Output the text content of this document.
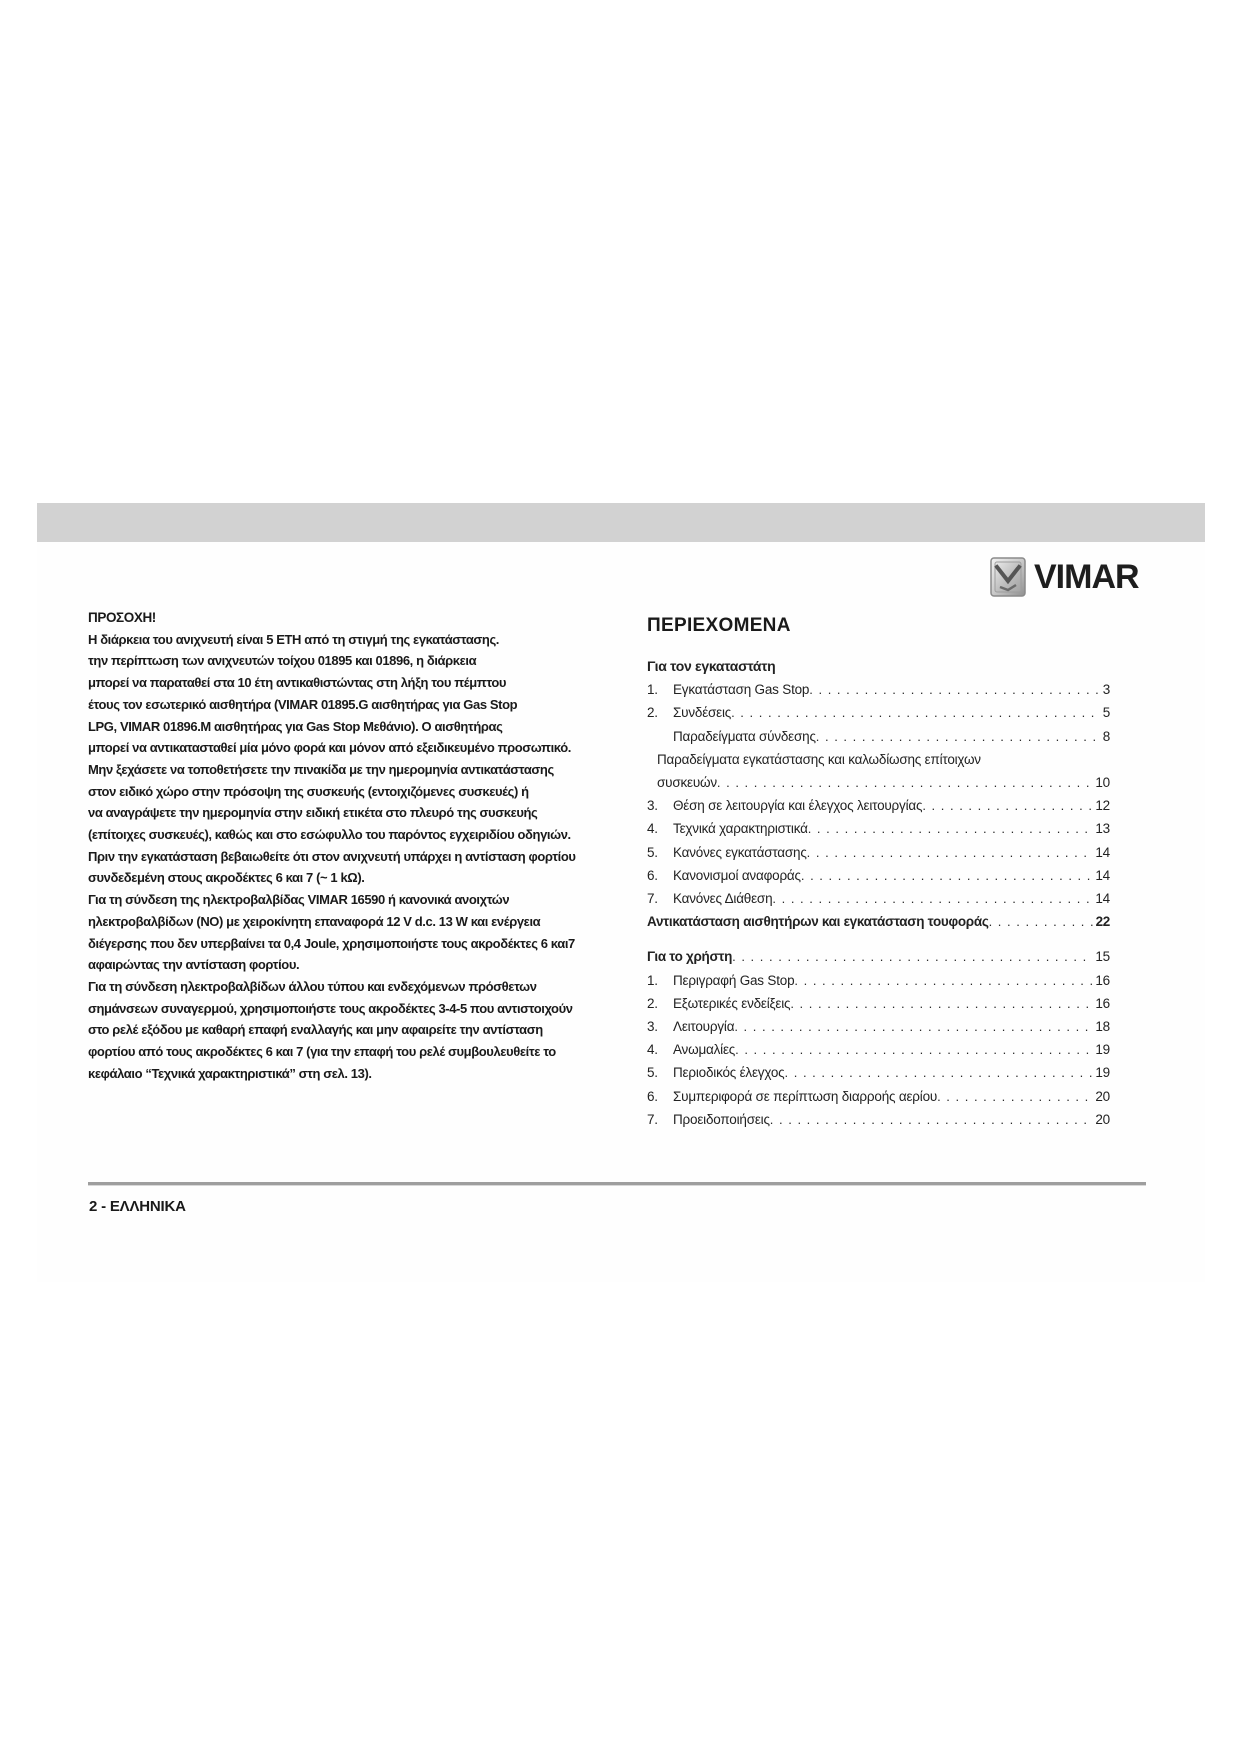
VIMAR
ΠΡΟΣΟΧΗ!
Η διάρκεια του ανιχνευτή είναι 5 ΕΤΗ από τη στιγμή της εγκατάστασης.
την περίπτωση των ανιχνευτών τοίχου 01895 και 01896, η διάρκεια
μπορεί να παραταθεί στα 10 έτη αντικαθιστώντας στη λήξη του πέμπτου
έτους τον εσωτερικό αισθητήρα (VIMAR 01895.G αισθητήρας για Gas Stop
LPG, VIMAR 01896.M αισθητήρας για Gas Stop Μεθάνιο). Ο αισθητήρας
μπορεί να αντικατασταθεί μία μόνο φορά και μόνον από εξειδικευμένο προσωπικό.
Μην ξεχάσετε να τοποθετήσετε την πινακίδα με την ημερομηνία αντικατάστασης
στον ειδικό χώρο στην πρόσοψη της συσκευής (εντοιχιζόμενες συσκευές) ή
να αναγράψετε την ημερομηνία στην ειδική ετικέτα στο πλευρό της συσκευής
(επίτοιχες συσκευές), καθώς και στο εσώφυλλο του παρόντος εγχειριδίου οδηγιών.
Πριν την εγκατάσταση βεβαιωθείτε ότι στον ανιχνευτή υπάρχει η αντίσταση φορτίου
συνδεδεμένη στους ακροδέκτες 6 και 7 (~ 1 kΩ).
Για τη σύνδεση της ηλεκτροβαλβίδας VIMAR 16590 ή κανονικά ανοιχτών
ηλεκτροβαλβίδων (ΝΟ) με χειροκίνητη επαναφορά 12 V d.c. 13 W και ενέργεια
διέγερσης που δεν υπερβαίνει τα 0,4 Joule, χρησιμοποιήστε τους ακροδέκτες 6 και7
αφαιρώντας την αντίσταση φορτίου.
Για τη σύνδεση ηλεκτροβαλβίδων άλλου τύπου και ενδεχόμενων πρόσθετων
σημάνσεων συναγερμού, χρησιμοποιήστε τους ακροδέκτες 3-4-5 που αντιστοιχούν
στο ρελέ εξόδου με καθαρή επαφή εναλλαγής και μην αφαιρείτε την αντίσταση
φορτίου από τους ακροδέκτες 6 και 7 (για την επαφή του ρελέ συμβουλευθείτε το
κεφάλαιο “Τεχνικά χαρακτηριστικά” στη σελ. 13).
ΠΕΡΙΕΧΟΜΕΝΑ
Για τον εγκαταστάτη
1.	Εγκατάσταση Gas Stop . . .	3
2.	Συνδέσεις . . .	5
Παραδείγματα σύνδεσης . . .	8
Παραδείγματα εγκατάστασης και καλωδίωσης επίτοιχων
συσκευών . . .	10
3.	Θέση σε λειτουργία και έλεγχος λειτουργίας . . .	12
4.	Τεχνικά χαρακτηριστικά . . .	13
5.	Κανόνες εγκατάστασης . . .	14
6.	Κανονισμοί αναφοράς . . .	14
7.	Κανόνες Διάθεση . . .	14
Αντικατάσταση αισθητήρων και εγκατάσταση τουφοράς . . .	22
Για το χρήστη . . .	15
1.	Περιγραφή Gas Stop . . .	16
2.	Εξωτερικές ενδείξεις . . .	16
3.	Λειτουργία . . .	18
4.	Ανωμαλίες . . .	19
5.	Περιοδικός έλεγχος . . .	19
6.	Συμπεριφορά σε περίπτωση διαρροής αερίου . . .	20
7.	Προειδοποιήσεις . . .	20
2 - ΕΛΛΗΝΙΚΑ
